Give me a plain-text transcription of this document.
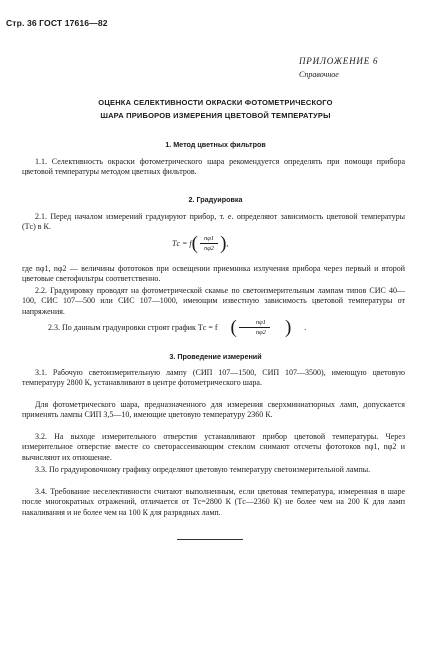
Стр. 36 ГОСТ 17616—82
ПРИЛОЖЕНИЕ 6
Справочное
ОЦЕНКА СЕЛЕКТИВНОСТИ ОКРАСКИ ФОТОМЕТРИЧЕСКОГО
ШАРА ПРИБОРОВ ИЗМЕРЕНИЯ ЦВЕТОВОЙ ТЕМПЕРАТУРЫ
1. Метод цветных фильтров
1.1. Селективность окраски фотометрического шара рекомендуется определять при помощи прибора цветовой температуры методом цветных фильтров.
2. Градуировка
2.1. Перед началом измерений градуируют прибор, т. е. определяют зависимость цветовой температуры (Tс) в К.
Tс = f ( $\frac{n\varphi 1}{n\varphi 2}$ ) ,
где nφ1, nφ2 — величины фототоков при освещении приемника излучения прибора через первый и второй цветовые светофильтры соответственно.
2.2. Градуировку проводят на фотометрической скамье по светоизмерительным лампам типов СИС 40—100, СИС 107—500 или СИС 107—1000, имеющим известную зависимость цветовой температуры от напряжения.
2.3. По данным градуировки строят график Tс = f ( $\frac{n\varphi 1}{n\varphi 2}$ )	.
3. Проведение измерений
3.1. Рабочую светоизмерительную лампу (СИП 107—1500, СИП 107—3500), имеющую цветовую температуру 2800 К, устанавливают в центре фотометрического шара.
Для фотометрического шара, предназначенного для измерения сверхминиатюрных ламп, допускается применять лампы СИП 3,5—10, имеющие цветовую температуру 2360 К.
3.2. На выходе измерительного отверстия устанавливают прибор цветовой температуры. Через измерительное отверстие вместе со светорассеивающим стеклом снимают отсчеты фототоков nφ1, nφ2 и вычисляют их отношение.
3.3. По градуировочному графику определяют цветовую температуру светоизмерительной лампы.
3.4. Требование неселективности считают выполненным, если цветовая температура, измеренная в шаре после многократных отражений, отличается от Tс=2800 К (Tс—2360 К) не более чем на 200 К для ламп накаливания и не более чем на 100 К для разрядных ламп.
